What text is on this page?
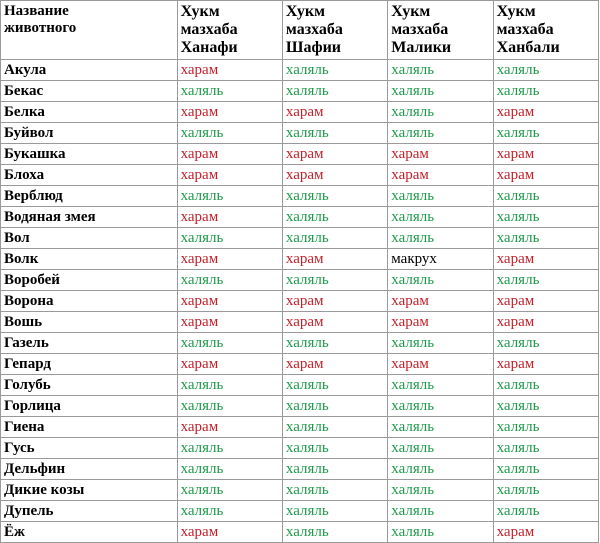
Название
животного	Хукм
мазхаба
Ханафи	Хукм
мазхаба
Шафии	Хукм
мазхаба
Малики	Хукм
мазхаба
Ханбали

Акула	харам	халяль	халяль	халяль
Бекас	халяль	халяль	халяль	халяль
Белка	харам	харам	халяль	харам
Буйвол	халяль	халяль	халяль	халяль
Букашка	харам	харам	харам	харам
Блоха	харам	харам	харам	харам
Верблюд	халяль	халяль	халяль	халяль
Водяная змея	харам	халяль	халяль	халяль
Вол	халяль	халяль	халяль	халяль
Волк	харам	харам	макрух	харам
Воробей	халяль	халяль	халяль	халяль
Ворона	харам	харам	харам	харам
Вошь	харам	харам	харам	харам
Газель	халяль	халяль	халяль	халяль
Гепард	харам	харам	харам	харам
Голубь	халяль	халяль	халяль	халяль
Горлица	халяль	халяль	халяль	халяль
Гиена	харам	халяль	халяль	халяль
Гусь	халяль	халяль	халяль	халяль
Дельфин	халяль	халяль	халяль	халяль
Дикие козы	халяль	халяль	халяль	халяль
Дупель	халяль	халяль	халяль	халяль
Ёж	харам	халяль	халяль	харам
